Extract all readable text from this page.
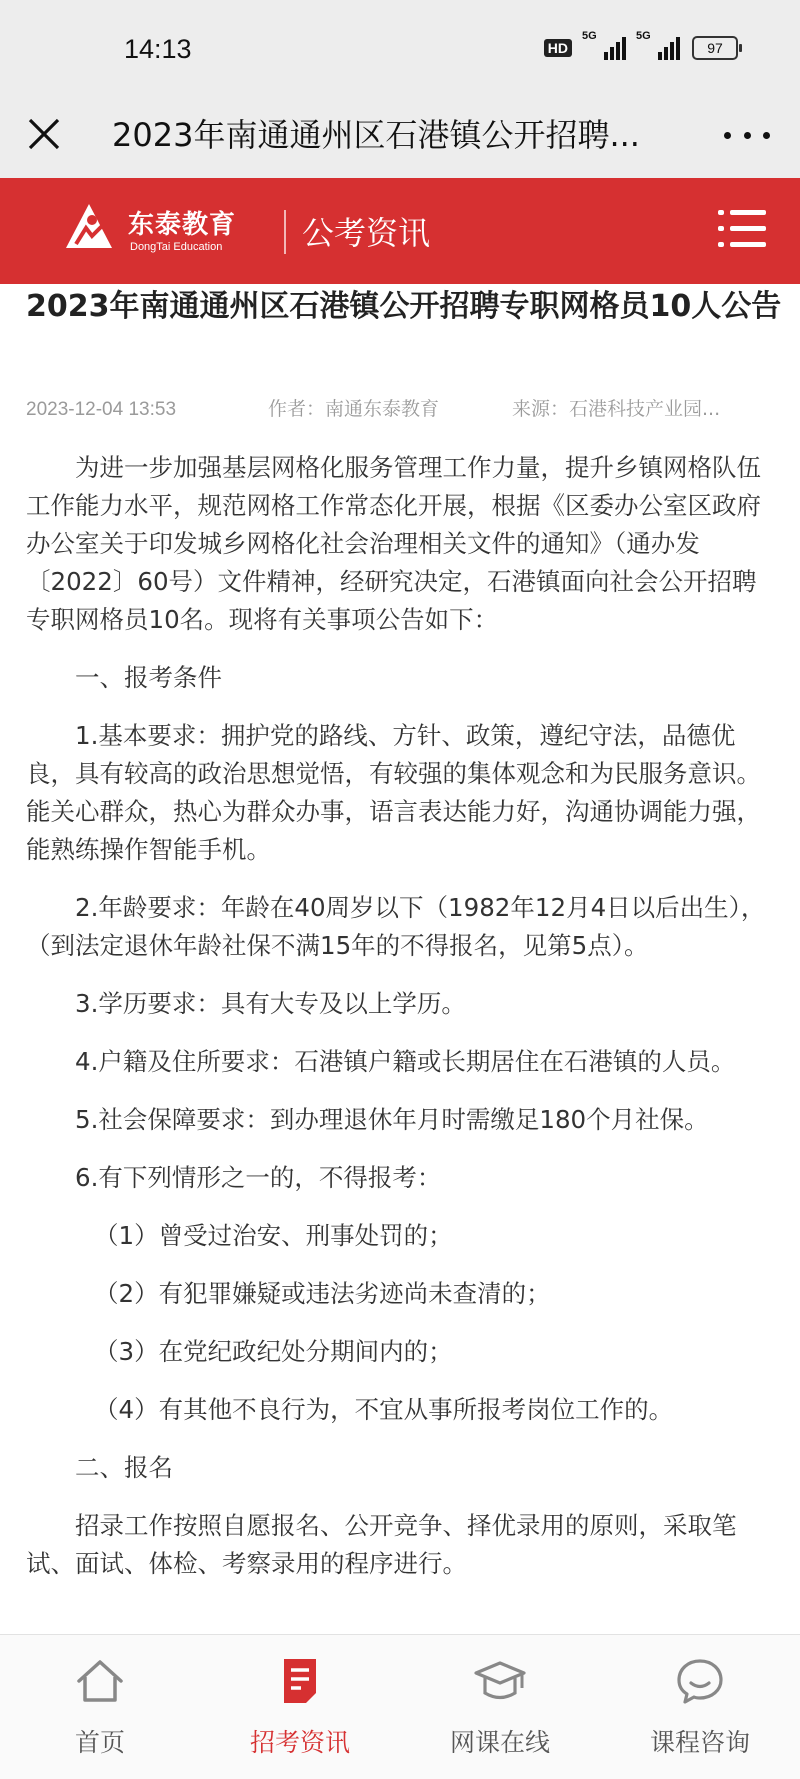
14:13	HD
5G	5G
97
2023年南通通州区石港镇公开招聘...
东泰教育
DongTai Education 公考资讯
2023年南通通州区石港镇公开招聘专职网格员10人公告
2023-12-04 13:53	作者：南通东泰教育	来源：石港科技产业园...

为进一步加强基层网格化服务管理工作力量，提升乡镇网格队伍工作能力水平，规范网格工作常态化开展，根据《区委办公室区政府办公室关于印发城乡网格化社会治理相关文件的通知》（通办发〔2022〕60号）文件精神，经研究决定，石港镇面向社会公开招聘专职网格员10名。现将有关事项公告如下：

一、报考条件

1.基本要求：拥护党的路线、方针、政策，遵纪守法，品德优良，具有较高的政治思想觉悟，有较强的集体观念和为民服务意识。能关心群众，热心为群众办事，语言表达能力好，沟通协调能力强，能熟练操作智能手机。

2.年龄要求：年龄在40周岁以下（1982年12月4日以后出生），（到法定退休年龄社保不满15年的不得报名，见第5点）。

3.学历要求：具有大专及以上学历。

4.户籍及住所要求：石港镇户籍或长期居住在石港镇的人员。

5.社会保障要求：到办理退休年月时需缴足180个月社保。

6.有下列情形之一的，不得报考：

（1）曾受过治安、刑事处罚的；

（2）有犯罪嫌疑或违法劣迹尚未查清的；

（3）在党纪政纪处分期间内的；

（4）有其他不良行为，不宜从事所报考岗位工作的。

二、报名

招录工作按照自愿报名、公开竞争、择优录用的原则，采取笔试、面试、体检、考察录用的程序进行。

首页	招考资讯	网课在线	课程咨询
